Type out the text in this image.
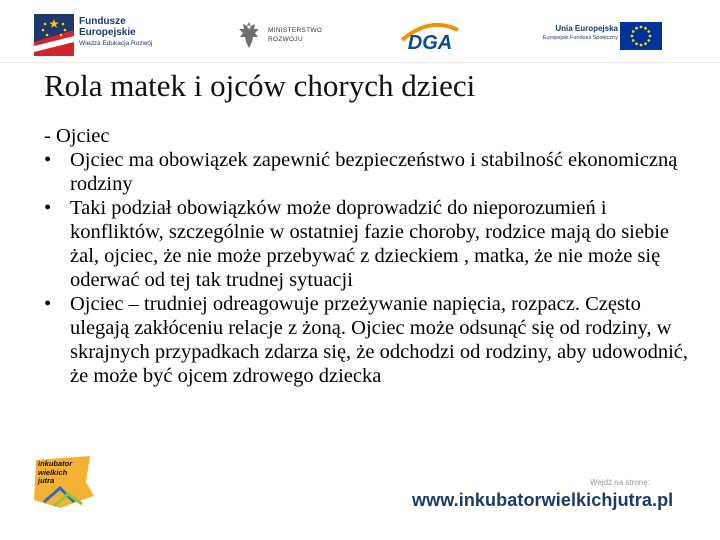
Fundusze
Europejskie
Wiedza Edukacja Rozwój
MINISTERSTWO
ROZWOJU	DGA
Unia Europejska
Europejski Fundusz Społeczny
Rola matek i ojców chorych dzieci

- Ojciec

• Ojciec ma obowiązek zapewnić bezpieczeństwo i stabilność ekonomiczną rodziny
• Taki podział obowiązków może doprowadzić do nieporozumień i konfliktów, szczególnie w ostatniej fazie choroby, rodzice mają do siebie żal, ojciec, że nie może przebywać z dzieckiem , matka, że nie może się oderwać od tej tak trudnej sytuacji
• Ojciec – trudniej odreagowuje przeżywanie napięcia, rozpacz. Często ulegają zakłóceniu relacje z żoną. Ojciec może odsunąć się od rodziny, w skrajnych przypadkach zdarza się, że odchodzi od rodziny, aby udowodnić, że może być ojcem zdrowego dziecka
inkubator
wielkich
jutra	Wejdź na stronę:
www.inkubatorwielkichjutra.pl
